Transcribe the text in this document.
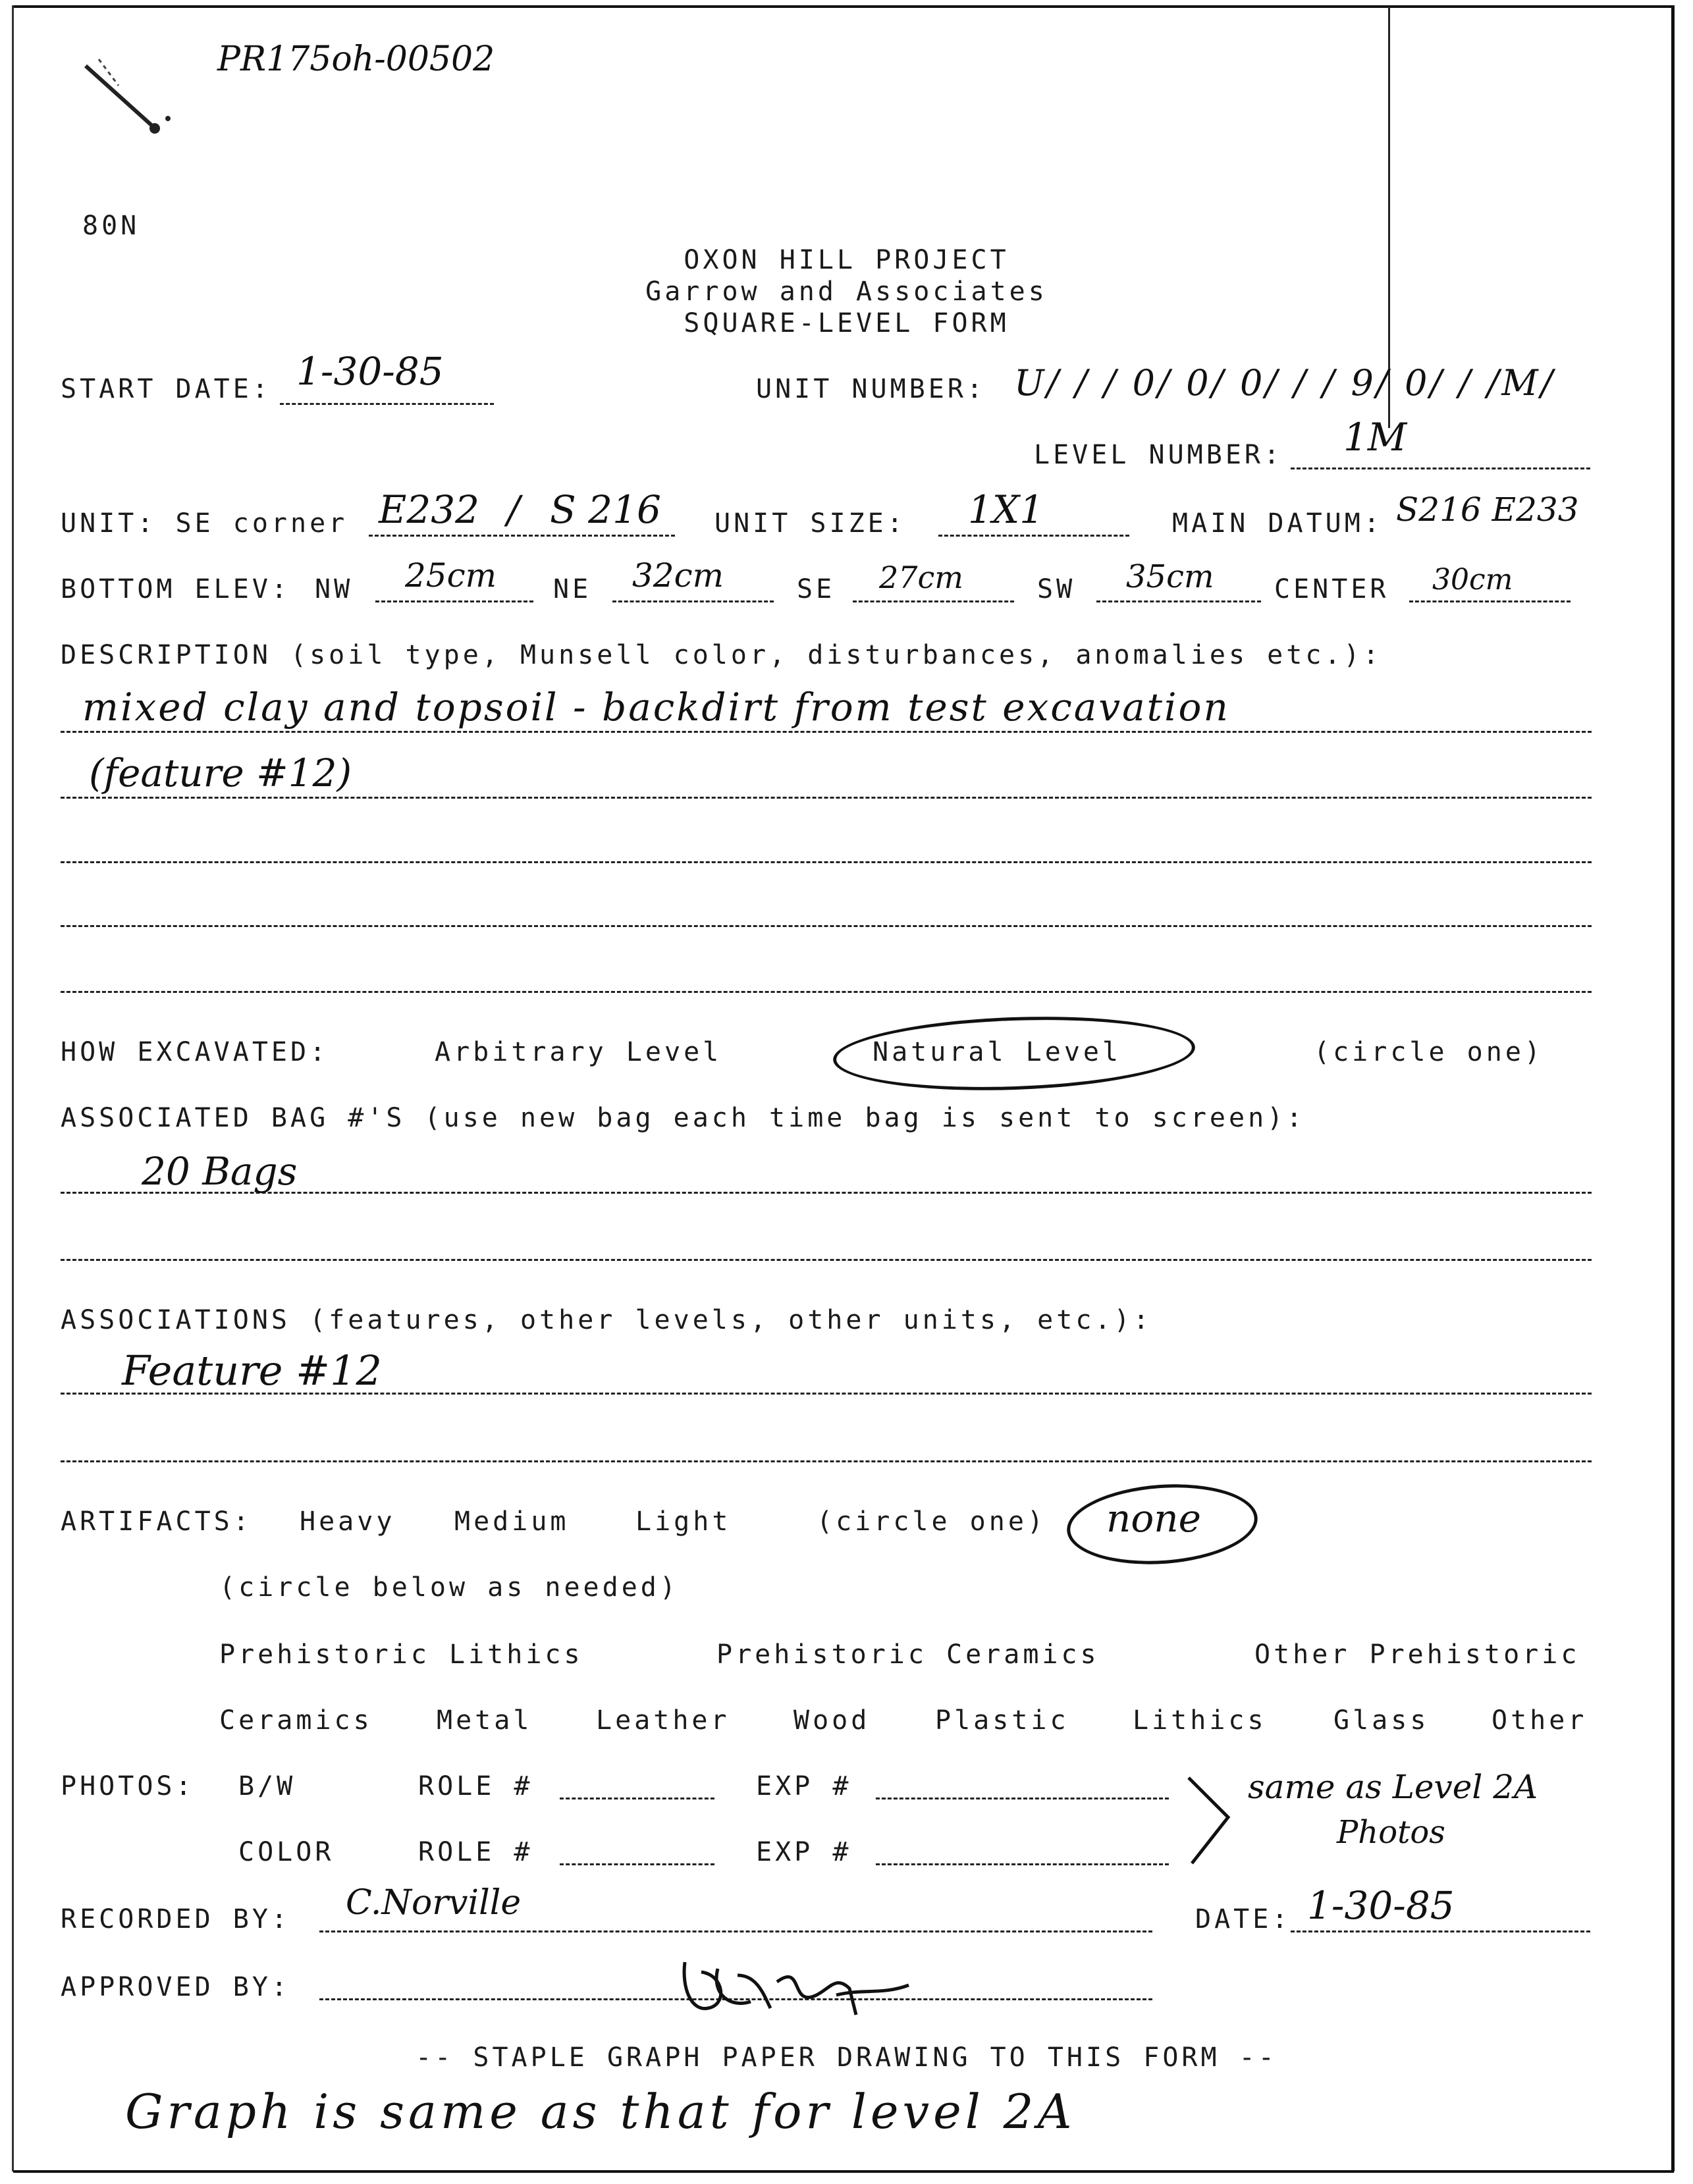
PR175oh-00502
80N
OXON HILL PROJECT
Garrow and Associates
SQUARE-LEVEL FORM
START DATE: 1-30-85	UNIT NUMBER: U/ / / 0/ 0/ 0/ / / 9/ 0/ / /M/
LEVEL NUMBER: 1M
UNIT: SE corner E232 / S 216 UNIT SIZE: 1X1	MAIN DATUM: S216 E233
BOTTOM ELEV: NW 25cm NE 32cm	SE 27cm	SW 35cm CENTER 30cm
DESCRIPTION (soil type, Munsell color, disturbances, anomalies etc.):
mixed clay and topsoil - backdirt from test excavation
(feature #12)
HOW EXCAVATED:	Arbitrary Level	Natural Level	(circle one)
ASSOCIATED BAG #'S (use new bag each time bag is sent to screen):
20 Bags
ASSOCIATIONS (features, other levels, other units, etc.):
Feature #12
ARTIFACTS: Heavy Medium	Light	(circle one) none
(circle below as needed)
Prehistoric Lithics	Prehistoric Ceramics	Other Prehistoric
Ceramics Metal Leather Wood Plastic Lithics	Glass Other
PHOTOS: B/W	ROLE #	EXP #
COLOR	ROLE #	EXP #
same as Level 2A
Photos
RECORDED BY: C.Norville	DATE: 1-30-85
APPROVED BY:
-- STAPLE GRAPH PAPER DRAWING TO THIS FORM --
Graph is same as that for level 2A
